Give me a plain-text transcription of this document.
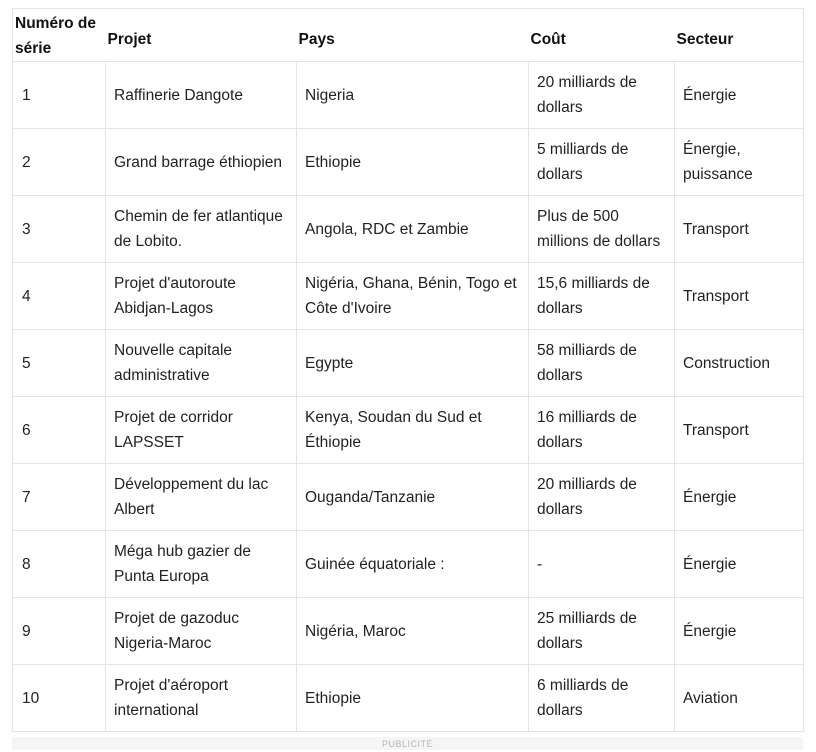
Numéro de série	Projet	Pays	Coût	Secteur
1	Raffinerie Dangote	Nigeria	20 milliards de dollars	Énergie
2	Grand barrage éthiopien	Ethiopie	5 milliards de dollars	Énergie, puissance
3	Chemin de fer atlantique de Lobito.	Angola, RDC et Zambie	Plus de 500 millions de dollars	Transport
4	Projet d'autoroute Abidjan-Lagos	Nigéria, Ghana, Bénin, Togo et Côte d'Ivoire	15,6 milliards de dollars	Transport
5	Nouvelle capitale administrative	Egypte	58 milliards de dollars	Construction
6	Projet de corridor LAPSSET	Kenya, Soudan du Sud et Éthiopie	16 milliards de dollars	Transport
7	Développement du lac Albert	Ouganda/Tanzanie	20 milliards de dollars	Énergie
8	Méga hub gazier de Punta Europa	Guinée équatoriale :	-	Énergie
9	Projet de gazoduc Nigeria-Maroc	Nigéria, Maroc	25 milliards de dollars	Énergie
10	Projet d'aéroport international	Ethiopie	6 milliards de dollars	Aviation
PUBLICITÉ
